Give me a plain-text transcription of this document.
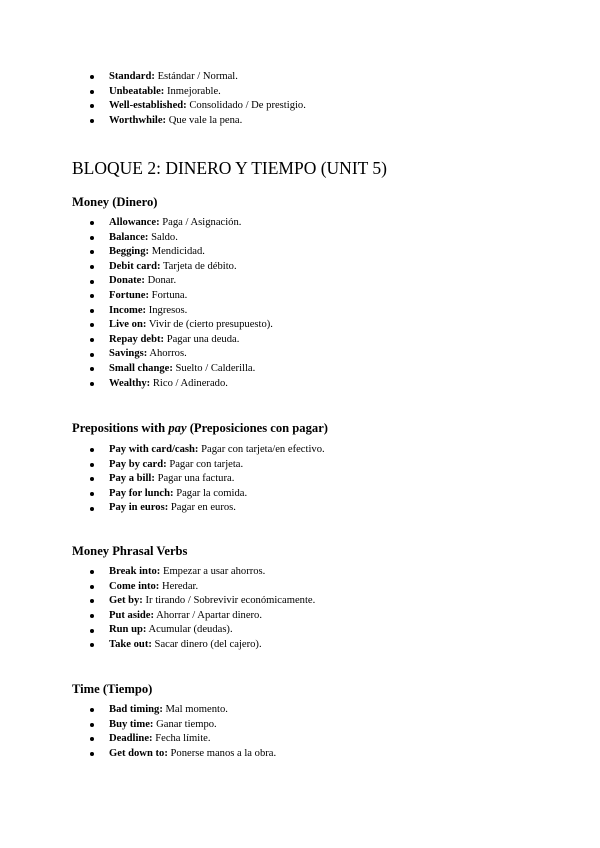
Standard: Estándar / Normal.
Unbeatable: Inmejorable.
Well-established: Consolidado / De prestigio.
Worthwhile: Que vale la pena.
BLOQUE 2: DINERO Y TIEMPO (UNIT 5)
Money (Dinero)
Allowance: Paga / Asignación.
Balance: Saldo.
Begging: Mendicidad.
Debit card: Tarjeta de débito.
Donate: Donar.
Fortune: Fortuna.
Income: Ingresos.
Live on: Vivir de (cierto presupuesto).
Repay debt: Pagar una deuda.
Savings: Ahorros.
Small change: Suelto / Calderilla.
Wealthy: Rico / Adinerado.
Prepositions with pay (Preposiciones con pagar)
Pay with card/cash: Pagar con tarjeta/en efectivo.
Pay by card: Pagar con tarjeta.
Pay a bill: Pagar una factura.
Pay for lunch: Pagar la comida.
Pay in euros: Pagar en euros.
Money Phrasal Verbs
Break into: Empezar a usar ahorros.
Come into: Heredar.
Get by: Ir tirando / Sobrevivir económicamente.
Put aside: Ahorrar / Apartar dinero.
Run up: Acumular (deudas).
Take out: Sacar dinero (del cajero).
Time (Tiempo)
Bad timing: Mal momento.
Buy time: Ganar tiempo.
Deadline: Fecha límite.
Get down to: Ponerse manos a la obra.
